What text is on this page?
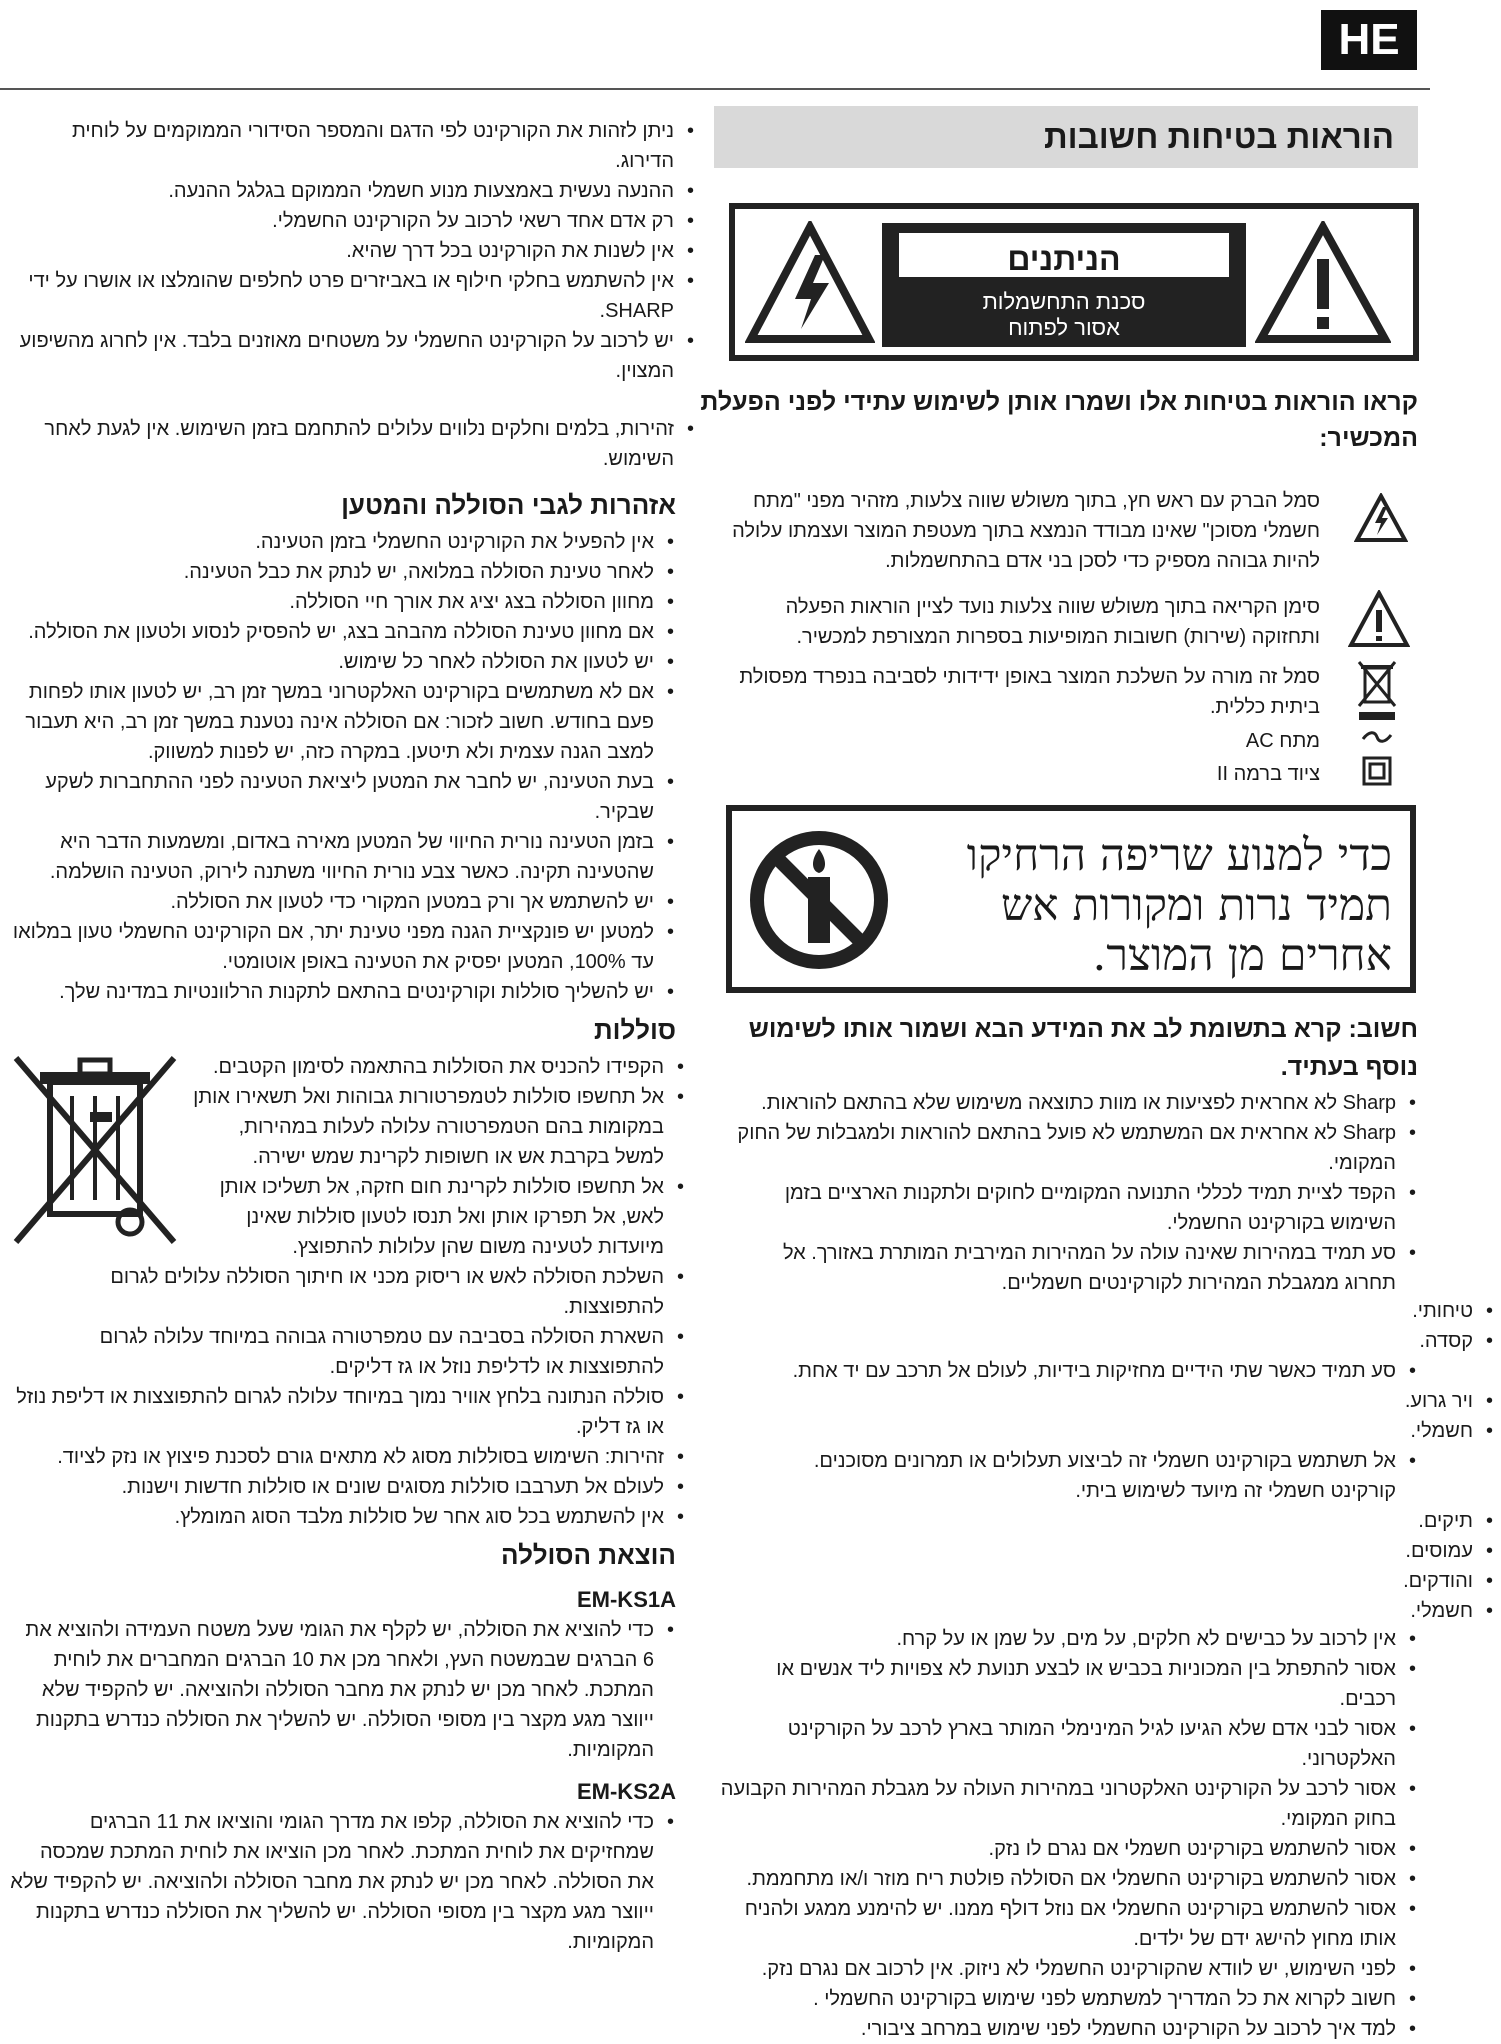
HE
הוראות בטיחות חשובות
הניתנים
סכנת התחשמלות
אסור לפתוח

קראו הוראות בטיחות אלו ושמרו אותן לשימוש עתידי לפני הפעלת המכשיר:

סמל הברק עם ראש חץ, בתוך משולש שווה צלעות, מזהיר מפני "מתח חשמלי מסוכן" שאינו מבודד הנמצא בתוך מעטפת המוצר ועצמתו עלולה להיות גבוהה מספיק כדי לסכן בני אדם בהתחשמלות.
סימן הקריאה בתוך משולש שווה צלעות נועד לציין הוראות הפעלה ותחזוקה (שירות) חשובות המופיעות בספרות המצורפת למכשיר.
סמל זה מורה על השלכת המוצר באופן ידידותי לסביבה בנפרד מפסולת ביתית כללית.
מתח AC
ציוד ברמה II
כדי למנוע שריפה הרחיקו
תמיד נרות ומקורות אש
אחרים מן המוצר.

חשוב: קרא בתשומת לב את המידע הבא ושמור אותו לשימוש נוסף בעתיד.

• Sharp לא אחראית לפציעות או מוות כתוצאה משימוש שלא בהתאם להוראות.
• Sharp לא אחראית אם המשתמש לא פועל בהתאם להוראות ולמגבלות של החוק המקומי.
• הקפד לציית תמיד לכללי התנועה המקומיים לחוקים ולתקנות הארציים בזמן השימוש בקורקינט החשמלי.
• סע תמיד במהירות שאינה עולה על המהירות המירבית המותרת באזורך. אל תחרוג ממגבלת המהירות לקורקינטים חשמליים.
• טיחותי.
• קסדה.
• סע תמיד כאשר שתי הידיים מחזיקות בידיות, לעולם אל תרכב עם יד אחת.
• ויר גרוע.
• חשמלי.
• אל תשתמש בקורקינט חשמלי זה לביצוע תעלולים או תמרונים מסוכנים. קורקינט חשמלי זה מיועד לשימוש ביתי.
• תיקים.
• עמוסים.
• והודקים.
• חשמלי.
• אין לרכוב על כבישים לא חלקים, על מים, על שמן או על קרח.
• אסור להתפתל בין המכוניות בכביש או לבצע תנועת לא צפויות ליד אנשים או רכבים.
• אסור לבני אדם שלא הגיעו לגיל המינימלי המותר בארץ לרכב על הקורקינט האלקטרוני.
• אסור לרכב על הקורקינט האלקטרוני במהירות העולה על מגבלת המהירות הקבועה בחוק המקומי.
• אסור להשתמש בקורקינט חשמלי אם נגרם לו נזק.
• אסור להשתמש בקורקינט החשמלי אם הסוללה פולטת ריח מוזר ו/או מתחממת.
• אסור להשתמש בקורקינט החשמלי אם נוזל דולף ממנו. יש להימנע ממגע ולהניח אותו מחוץ להישג ידם של ילדים.
• לפני השימוש, יש לוודא שהקורקינט החשמלי לא ניזוק. אין לרכוב אם נגרם נזק.
• חשוב לקרוא את כל המדריך למשתמש לפני שימוש בקורקינט החשמלי .
• למד איך לרכוב על הקורקינט החשמלי לפני שימוש במרחב ציבורי.
• ניתן לזהות את הקורקינט לפי הדגם והמספר הסידורי הממוקמים על לוחית הדירוג.
• ההנעה נעשית באמצעות מנוע חשמלי הממוקם בגלגל ההנעה.
• רק אדם אחד רשאי לרכוב על הקורקינט החשמלי.
• אין לשנות את הקורקינט בכל דרך שהיא.
• אין להשתמש בחלקי חילוף או באביזרים פרט לחלפים שהומלצו או אושרו על ידי SHARP.
• יש לרכוב על הקורקינט החשמלי על משטחים מאוזנים בלבד. אין לחרוג מהשיפוע המצוין.
• זהירות, בלמים וחלקים נלווים עלולים להתחמם בזמן השימוש. אין לגעת לאחר השימוש.

אזהרות לגבי הסוללה והמטען

• אין להפעיל את הקורקינט החשמלי בזמן הטעינה.
• לאחר טעינת הסוללה במלואה, יש לנתק את כבל הטעינה.
• מחוון הסוללה בצג יציג את אורך חיי הסוללה.
• אם מחוון טעינת הסוללה מהבהב בצג, יש להפסיק לנסוע ולטעון את הסוללה.
• יש לטעון את הסוללה לאחר כל שימוש.
• אם לא משתמשים בקורקינט האלקטרוני במשך זמן רב, יש לטעון אותו לפחות פעם בחודש. חשוב לזכור: אם הסוללה אינה נטענת במשך זמן רב, היא תעבור למצב הגנה עצמית ולא תיטען. במקרה כזה, יש לפנות למשווק.
• בעת הטעינה, יש לחבר את המטען ליציאת הטעינה לפני ההתחברות לשקע שבקיר.
• בזמן הטעינה נורית החיווי של המטען מאירה באדום, ומשמעות הדבר היא שהטעינה תקינה. כאשר צבע נורית החיווי משתנה לירוק, הטעינה הושלמה.
• יש להשתמש אך ורק במטען המקורי כדי לטעון את הסוללה.
• למטען יש פונקציית הגנה מפני טעינת יתר, אם הקורקינט החשמלי טעון במלואו עד 100%, המטען יפסיק את הטעינה באופן אוטומטי.
• יש להשליך סוללות וקורקינטים בהתאם לתקנות הרלוונטיות במדינה שלך.

סוללות

• הקפידו להכניס את הסוללות בהתאמה לסימון הקטבים.
• אל תחשפו סוללות לטמפרטורות גבוהות ואל תשאירו אותן במקומות בהם הטמפרטורה עלולה לעלות במהירות, למשל בקרבת אש או חשופות לקרינת שמש ישירה.
• אל תחשפו סוללות לקרינת חום חזקה, אל תשליכו אותן לאש, אל תפרקו אותן ואל תנסו לטעון סוללות שאינן מיועדות לטעינה משום שהן עלולות להתפוצץ.
• השלכת הסוללה לאש או ריסוק מכני או חיתוך הסוללה עלולים לגרום להתפוצצות.
• השארת הסוללה בסביבה עם טמפרטורה גבוהה במיוחד עלולה לגרום להתפוצצות או לדליפת נוזל או גז דליקים.
• סוללה הנתונה בלחץ אוויר נמוך במיוחד עלולה לגרום להתפוצצות או דליפת נוזל או גז דליק.
• זהירות: השימוש בסוללות מסוג לא מתאים גורם לסכנת פיצוץ או נזק לציוד.
• לעולם אל תערבבו סוללות מסוגים שונים או סוללות חדשות וישנות.
• אין להשתמש בכל סוג אחר של סוללות מלבד הסוג המומלץ.

הוצאת הסוללה

EM-KS1A

• כדי להוציא את הסוללה, יש לקלף את הגומי שעל משטח העמידה ולהוציא את 6 הברגים שבמשטח העץ, ולאחר מכן את 10 הברגים המחברים את לוחית המתכת. לאחר מכן יש לנתק את מחבר הסוללה ולהוציאה. יש להקפיד שלא ייווצר מגע מקצר בין מסופי הסוללה. יש להשליך את הסוללה כנדרש בתקנות המקומיות.

EM-KS2A

• כדי להוציא את הסוללה, קלפו את מדרך הגומי והוציאו את 11 הברגים שמחזיקים את לוחית המתכת. לאחר מכן הוציאו את לוחית המתכת שמכסה את הסוללה. לאחר מכן יש לנתק את מחבר הסוללה ולהוציאה. יש להקפיד שלא ייווצר מגע מקצר בין מסופי הסוללה. יש להשליך את הסוללה כנדרש בתקנות המקומיות.
